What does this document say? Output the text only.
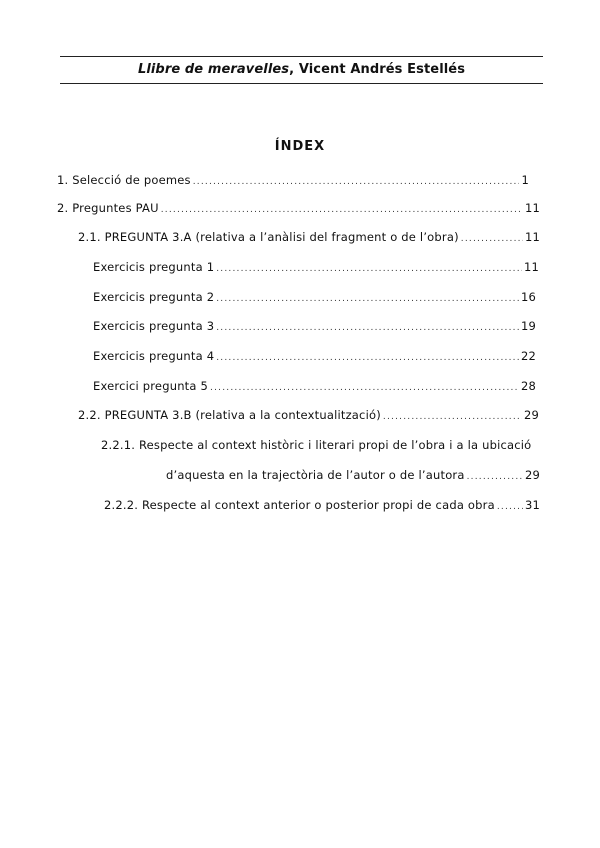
Llibre de meravelles, Vicent Andrés Estellés
ÍNDEX
1. Selecció de poemes .....	1
2. Preguntes PAU .....	11
2.1. PREGUNTA 3.A (relativa a l’anàlisi del fragment o de l’obra) .....	11
Exercicis pregunta 1 .....	11
Exercicis pregunta 2 .....	16
Exercicis pregunta 3 .....	19
Exercicis pregunta 4 .....	22
Exercici pregunta 5 .....	28
2.2. PREGUNTA 3.B (relativa a la contextualització) .....	29
2.2.1. Respecte al context històric i literari propi de l’obra i a la ubicació
d’aquesta en la trajectòria de l’autor o de l’autora .....	29
2.2.2. Respecte al context anterior o posterior propi de cada obra .....	31
